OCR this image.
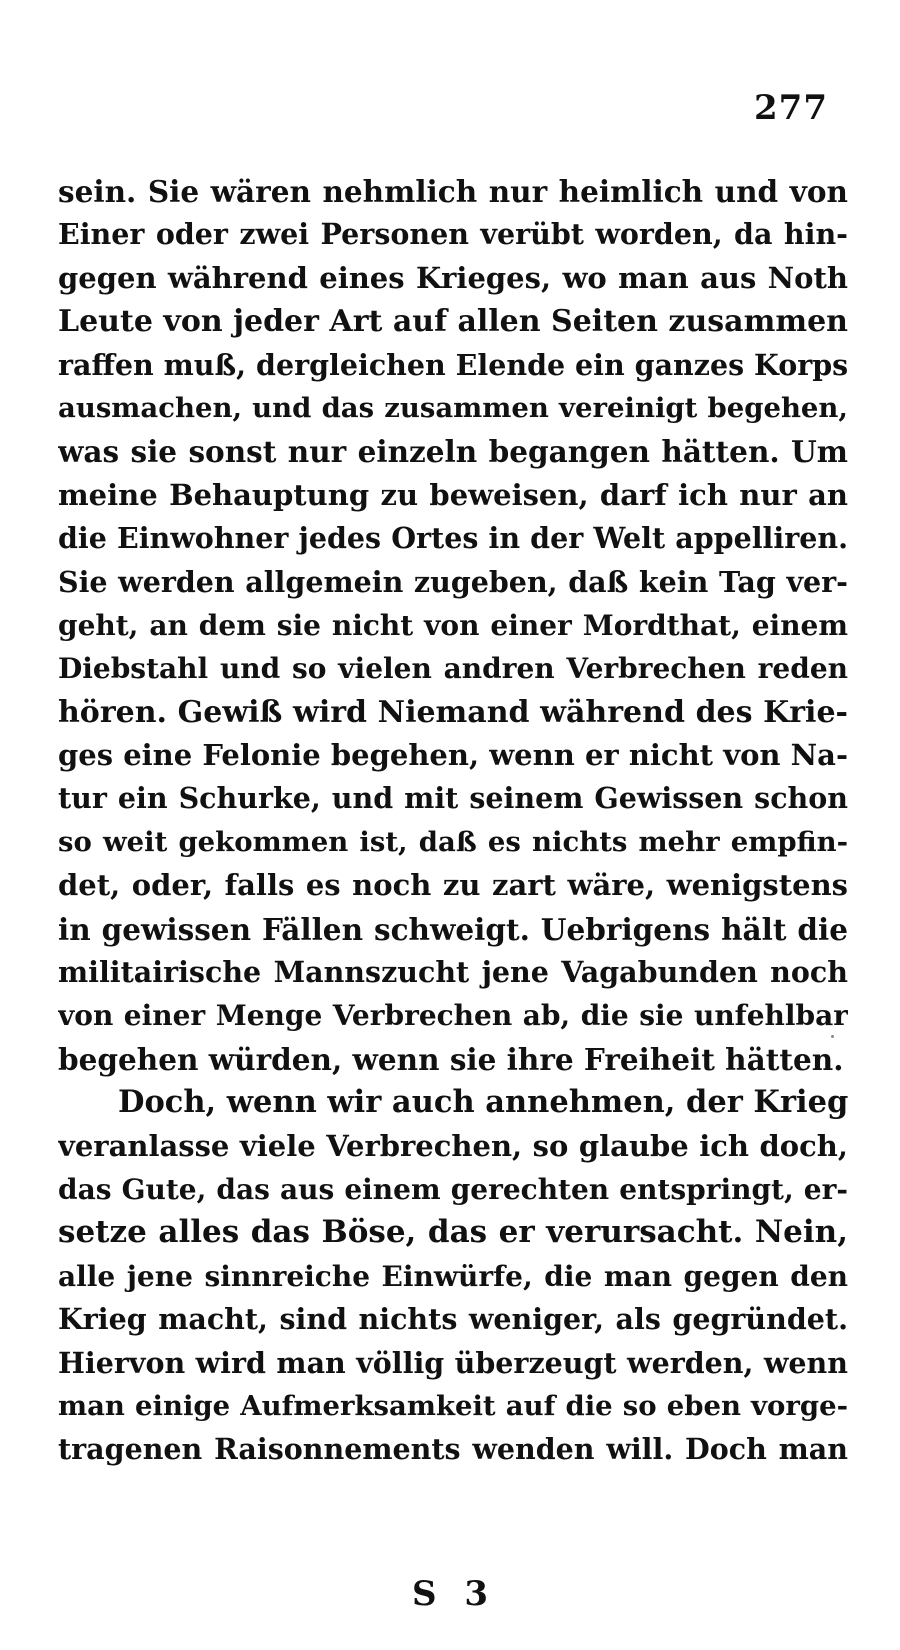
277
sein. Sie wären nehmlich nur heimlich und von
Einer oder zwei Personen verübt worden, da hin-
gegen während eines Krieges, wo man aus Noth
Leute von jeder Art auf allen Seiten zusammen
raffen muß, dergleichen Elende ein ganzes Korps
ausmachen, und das zusammen vereinigt begehen,
was sie sonst nur einzeln begangen hätten. Um
meine Behauptung zu beweisen, darf ich nur an
die Einwohner jedes Ortes in der Welt appelliren.
Sie werden allgemein zugeben, daß kein Tag ver-
geht, an dem sie nicht von einer Mordthat, einem
Diebstahl und so vielen andren Verbrechen reden
hören. Gewiß wird Niemand während des Krie-
ges eine Felonie begehen, wenn er nicht von Na-
tur ein Schurke, und mit seinem Gewissen schon
so weit gekommen ist, daß es nichts mehr empfin-
det, oder, falls es noch zu zart wäre, wenigstens
in gewissen Fällen schweigt. Uebrigens hält die
militairische Mannszucht jene Vagabunden noch
von einer Menge Verbrechen ab, die sie unfehlbar
begehen würden, wenn sie ihre Freiheit hätten.
Doch, wenn wir auch annehmen, der Krieg
veranlasse viele Verbrechen, so glaube ich doch,
das Gute, das aus einem gerechten entspringt, er-
setze alles das Böse, das er verursacht. Nein,
alle jene sinnreiche Einwürfe, die man gegen den
Krieg macht, sind nichts weniger, als gegründet.
Hiervon wird man völlig überzeugt werden, wenn
man einige Aufmerksamkeit auf die so eben vorge-
tragenen Raisonnements wenden will. Doch man
S 3
